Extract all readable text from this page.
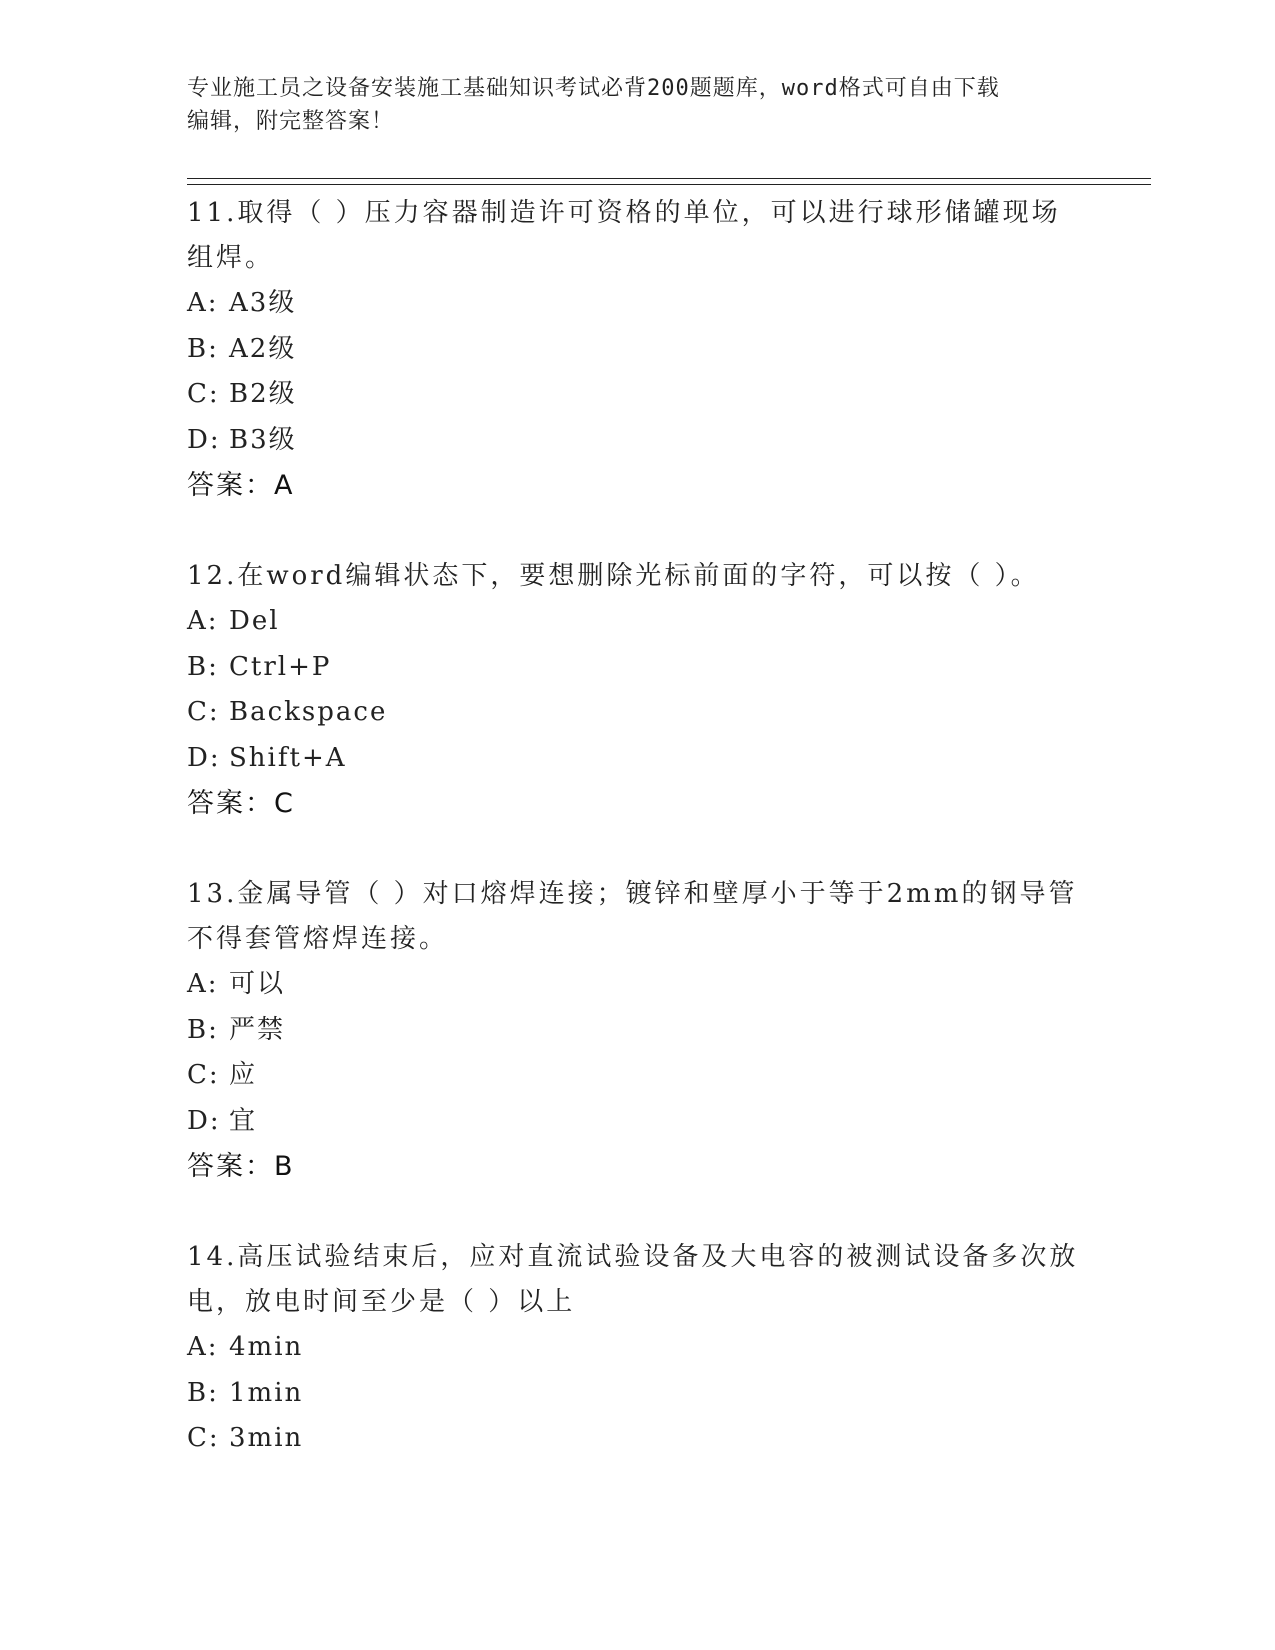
专业施工员之设备安装施工基础知识考试必背200题题库，word格式可自由下载
编辑，附完整答案！
11.取得（ ）压力容器制造许可资格的单位，可以进行球形储罐现场组焊。
A: A3级
B: A2级
C: B2级
D: B3级
答案：A
12.在word编辑状态下，要想删除光标前面的字符，可以按（ ）。
A: Del
B: Ctrl+P
C: Backspace
D: Shift+A
答案：C
13.金属导管（ ）对口熔焊连接；镀锌和壁厚小于等于2mm的钢导管不得套管熔焊连接。
A: 可以
B: 严禁
C: 应
D: 宜
答案：B
14.高压试验结束后，应对直流试验设备及大电容的被测试设备多次放电，放电时间至少是（ ）以上
A: 4min
B: 1min
C: 3min
